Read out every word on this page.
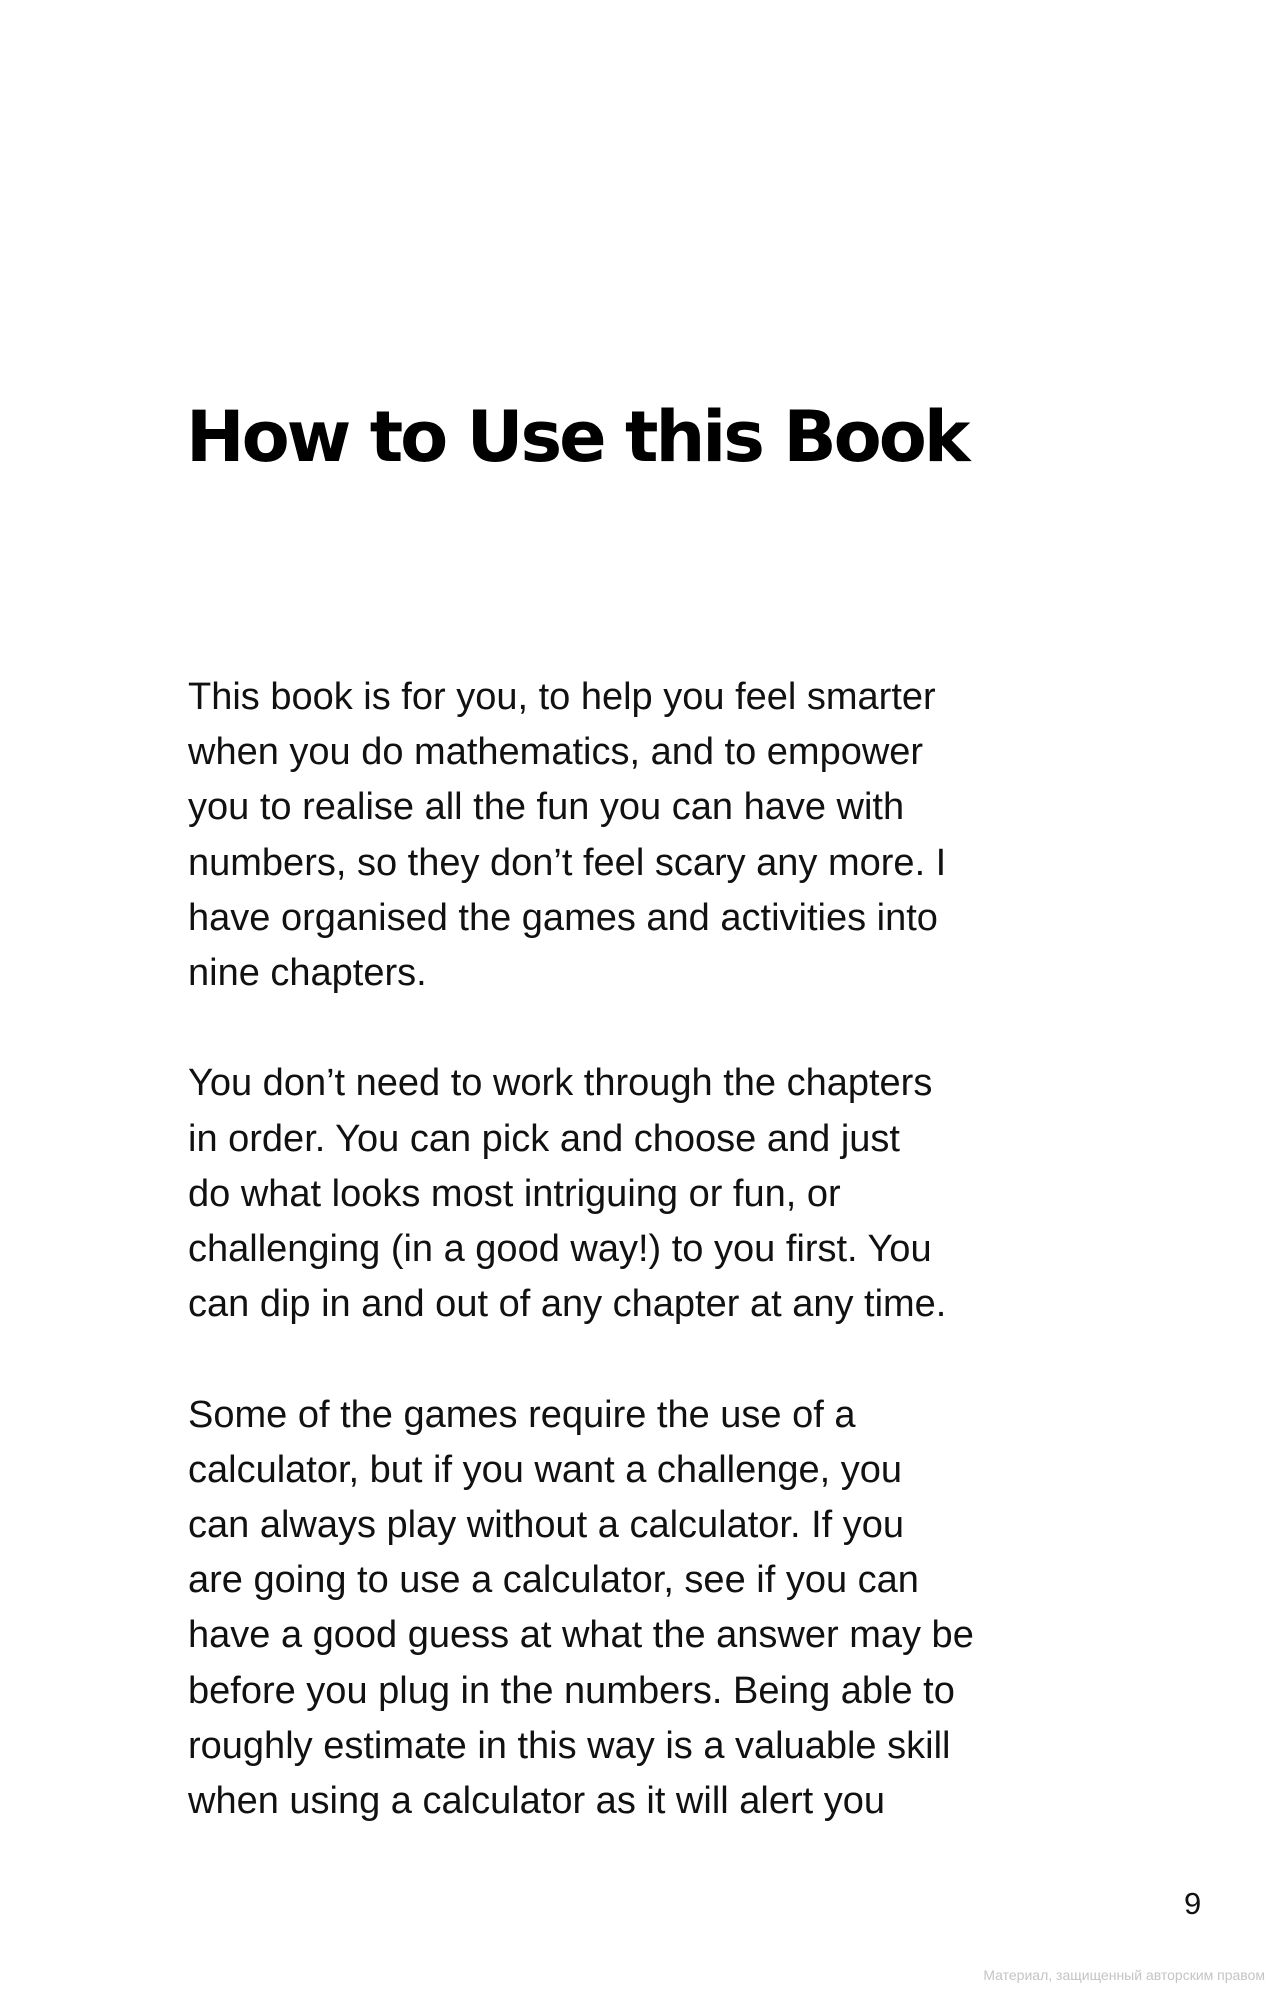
How to Use this Book

This book is for you, to help you feel smarter
when you do mathematics, and to empower
you to realise all the fun you can have with
numbers, so they don’t feel scary any more. I
have organised the games and activities into
nine chapters.

You don’t need to work through the chapters
in order. You can pick and choose and just
do what looks most intriguing or fun, or
challenging (in a good way!) to you ﬁrst. You
can dip in and out of any chapter at any time.

Some of the games require the use of a
calculator, but if you want a challenge, you
can always play without a calculator. If you
are going to use a calculator, see if you can
have a good guess at what the answer may be
before you plug in the numbers. Being able to
roughly estimate in this way is a valuable skill
when using a calculator as it will alert you

9
Материал, защищенный авторским правом
